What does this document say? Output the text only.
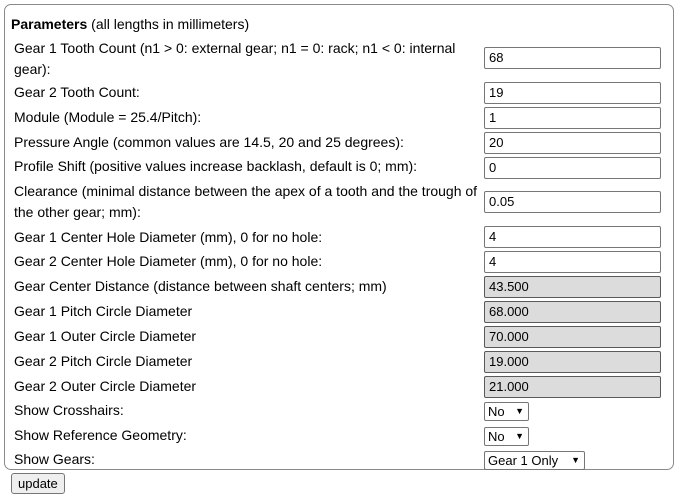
Parameters (all lengths in millimeters)
Gear 1 Tooth Count (n1 > 0: external gear; n1 = 0: rack; n1 < 0: internal gear):
68
Gear 2 Tooth Count:	19
Module (Module = 25.4/Pitch):	1
Pressure Angle (common values are 14.5, 20 and 25 degrees):	20
Profile Shift (positive values increase backlash, default is 0; mm):	0
Clearance (minimal distance between the apex of a tooth and the trough of the other gear; mm):
0.05
Gear 1 Center Hole Diameter (mm), 0 for no hole:	4
Gear 2 Center Hole Diameter (mm), 0 for no hole:	4
Gear Center Distance (distance between shaft centers; mm)	43.500
Gear 1 Pitch Circle Diameter	68.000
Gear 1 Outer Circle Diameter	70.000
Gear 2 Pitch Circle Diameter	19.000
Gear 2 Outer Circle Diameter	21.000
Show Crosshairs:	No ▼
Show Reference Geometry:	No ▼
Show Gears:	Gear 1 Only ▼
update
